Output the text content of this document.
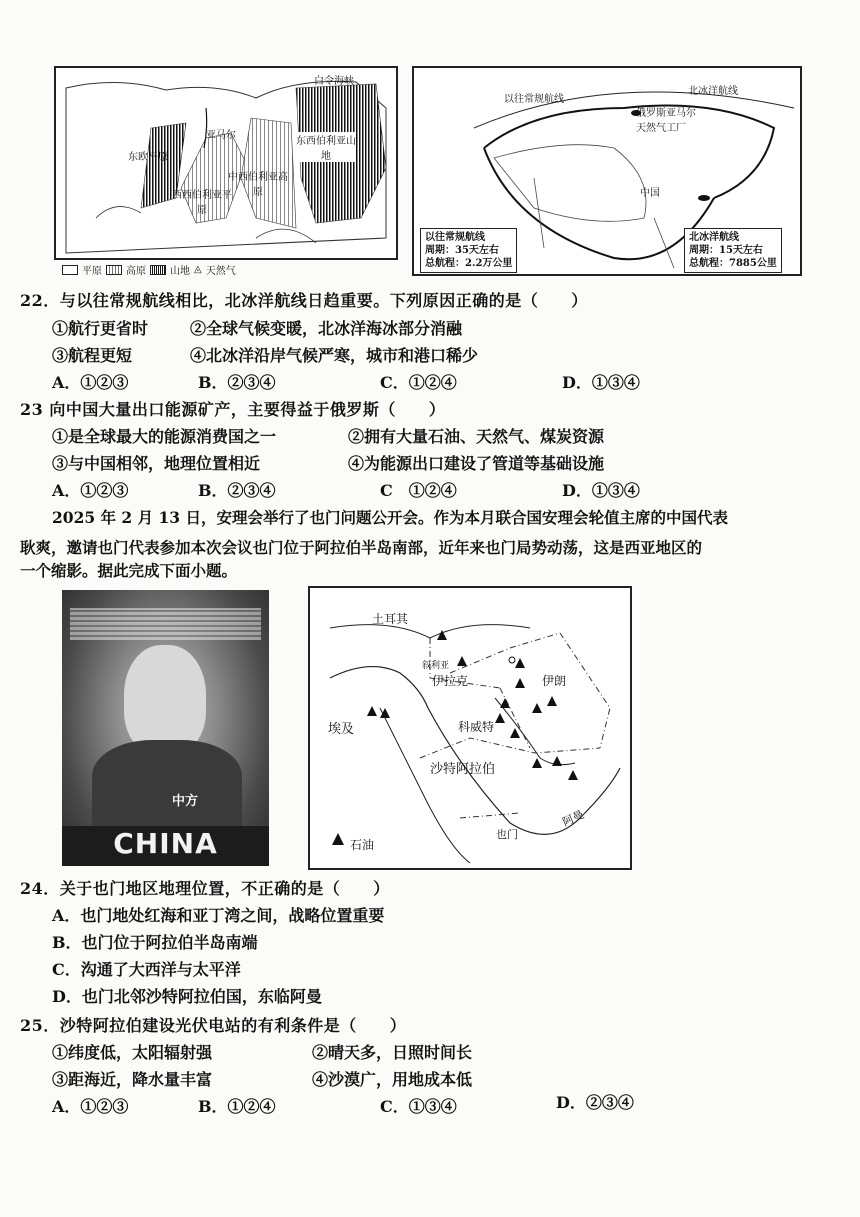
白令海峡
亚马尔
东欧平原
西西伯利亚平原
中西伯利亚高原
东西伯利亚山地
平原 高原 山地 ◬ 天然气
北冰洋航线
以往常规航线
俄罗斯亚马尔天然气工厂
中国
以往常规航线
周期：35天左右
总航程：2.2万公里
北冰洋航线
周期：15天左右
总航程：7885公里
22．与以往常规航线相比，北冰洋航线日趋重要。下列原因正确的是（　　）
①航行更省时	②全球气候变暖，北冰洋海冰部分消融
③航程更短	④北冰洋沿岸气候严寒，城市和港口稀少
A．①②③	B．②③④	C．①②④	D．①③④
23 向中国大量出口能源矿产，主要得益于俄罗斯（　　）
①是全球最大的能源消费国之一	②拥有大量石油、天然气、煤炭资源
③与中国相邻，地理位置相近	④为能源出口建设了管道等基础设施
A．①②③	B．②③④	C　①②④	D．①③④
2025 年 2 月 13 日，安理会举行了也门问题公开会。作为本月联合国安理会轮值主席的中国代表
耿爽，邀请也门代表参加本次会议也门位于阿拉伯半岛南部，近年来也门局势动荡，这是西亚地区的
一个缩影。据此完成下面小题。
中方
CHINA
土耳其
叙利亚
伊拉克	伊朗
埃及	科威特
沙特阿拉伯
阿曼
也门
石油
24．关于也门地区地理位置，不正确的是（　　）
A．也门地处红海和亚丁湾之间，战略位置重要
B．也门位于阿拉伯半岛南端
C．沟通了大西洋与太平洋
D．也门北邻沙特阿拉伯国，东临阿曼
25．沙特阿拉伯建设光伏电站的有利条件是（　　）
①纬度低，太阳辐射强	②晴天多，日照时间长
③距海近，降水量丰富	④沙漠广，用地成本低
A．①②③	B．①②④	C．①③④	D．②③④
